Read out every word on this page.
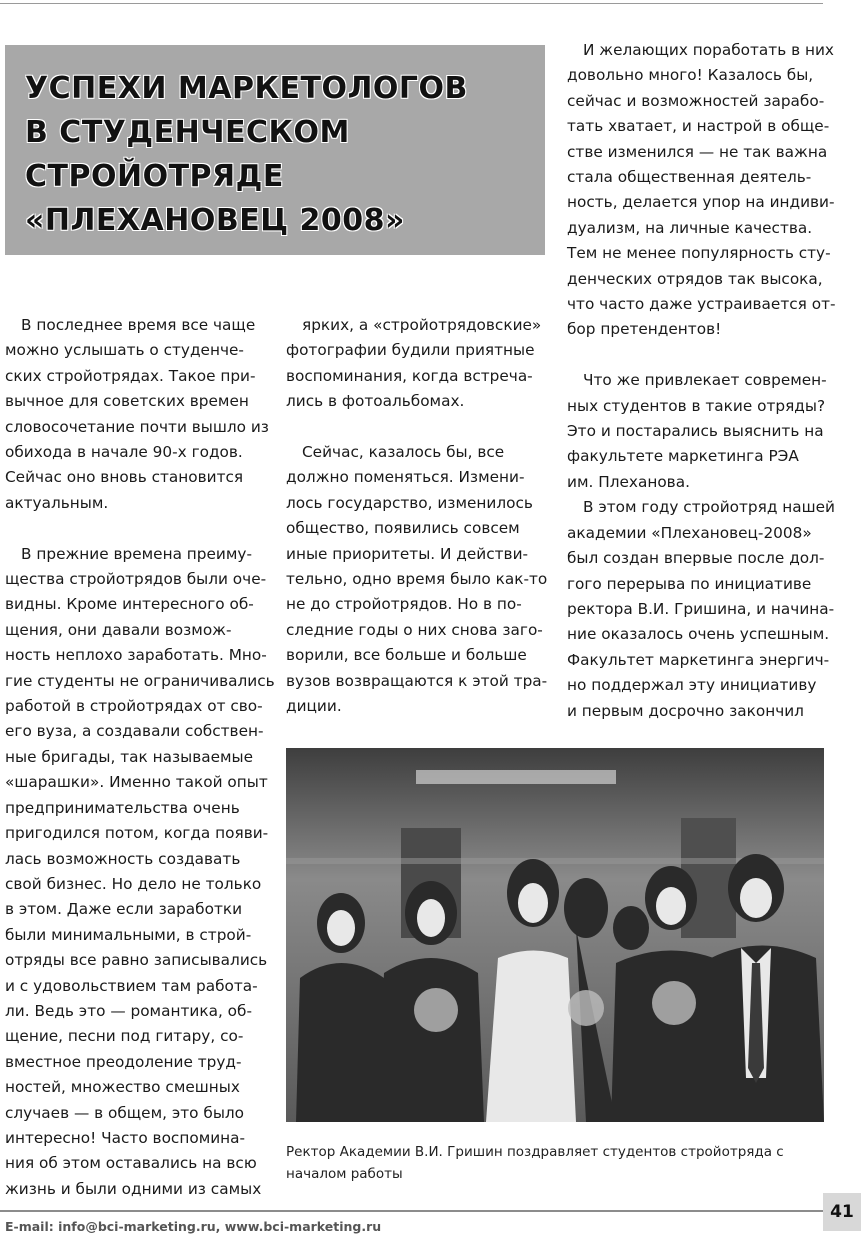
УСПЕХИ МАРКЕТОЛОГОВ
В СТУДЕНЧЕСКОМ
СТРОЙОТРЯДЕ
«ПЛЕХАНОВЕЦ 2008»

В последнее время все чаще
можно услышать о студенче-
ских стройотрядах. Такое при-
вычное для советских времен
словосочетание почти вышло из
обихода в начале 90-х годов.
Сейчас оно вновь становится
актуальным.

В прежние времена преиму-
щества стройотрядов были оче-
видны. Кроме интересного об-
щения, они давали возмож-
ность неплохо заработать. Мно-
гие студенты не ограничивались
работой в стройотрядах от сво-
его вуза, а создавали собствен-
ные бригады, так называемые
«шарашки». Именно такой опыт
предпринимательства очень
пригодился потом, когда появи-
лась возможность создавать
свой бизнес. Но дело не только
в этом. Даже если заработки
были минимальными, в строй-
отряды все равно записывались
и с удовольствием там работа-
ли. Ведь это — романтика, об-
щение, песни под гитару, со-
вместное преодоление труд-
ностей, множество смешных
случаев — в общем, это было
интересно! Часто воспомина-
ния об этом оставались на всю
жизнь и были одними из самых

ярких, а «стройотрядовские»
фотографии будили приятные
воспоминания, когда встреча-
лись в фотоальбомах.

Сейчас, казалось бы, все
должно поменяться. Измени-
лось государство, изменилось
общество, появились совсем
иные приоритеты. И действи-
тельно, одно время было как-то
не до стройотрядов. Но в по-
следние годы о них снова заго-
ворили, все больше и больше
вузов возвращаются к этой тра-
диции.

И желающих поработать в них
довольно много! Казалось бы,
сейчас и возможностей зарабо-
тать хватает, и настрой в обще-
стве изменился — не так важна
стала общественная деятель-
ность, делается упор на индиви-
дуализм, на личные качества.
Тем не менее популярность сту-
денческих отрядов так высока,
что часто даже устраивается от-
бор претендентов!

Что же привлекает современ-
ных студентов в такие отряды?
Это и постарались выяснить на
факультете маркетинга РЭА
им. Плеханова.

В этом году стройотряд нашей
академии «Плехановец-2008»
был создан впервые после дол-
гого перерыва по инициативе
ректора В.И. Гришина, и начина-
ние оказалось очень успешным.
Факультет маркетинга энергич-
но поддержал эту инициативу
и первым досрочно закончил

Ректор Академии В.И. Гришин поздравляет студентов стройотряда с началом работы
E-mail: info@bci-marketing.ru, www.bci-marketing.ru
41
